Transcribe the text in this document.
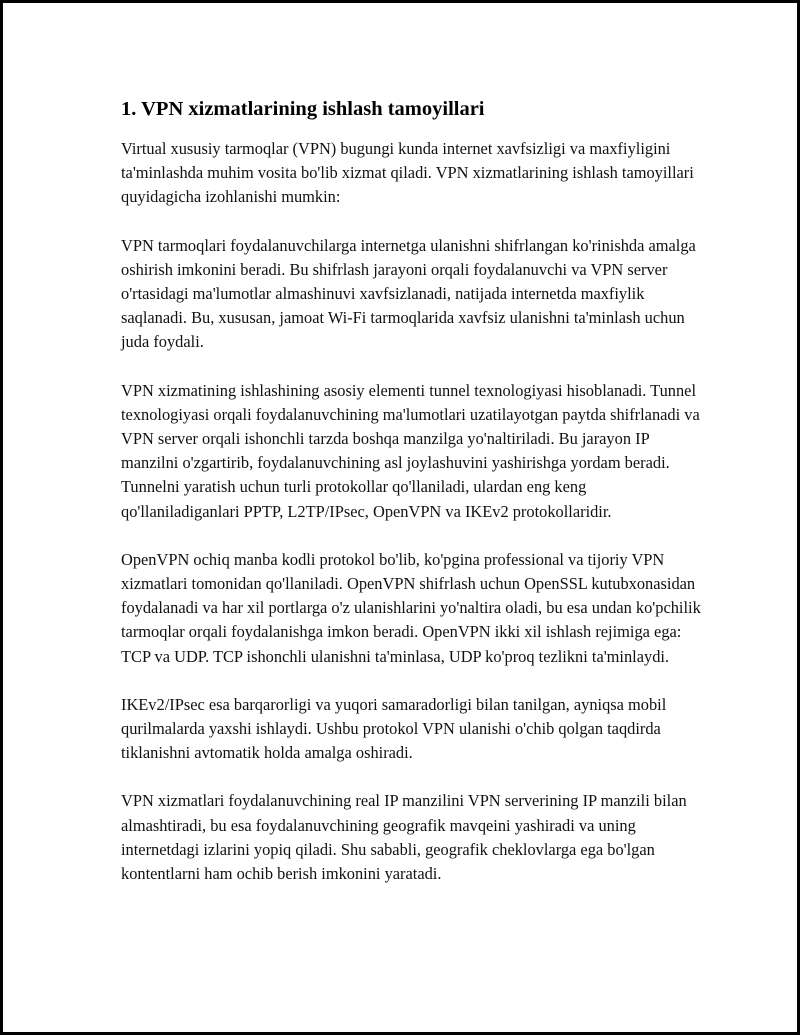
1. VPN xizmatlarining ishlash tamoyillari

Virtual xususiy tarmoqlar (VPN) bugungi kunda internet xavfsizligi va maxfiyligini ta'minlashda muhim vosita bo'lib xizmat qiladi. VPN xizmatlarining ishlash tamoyillari quyidagicha izohlanishi mumkin:

VPN tarmoqlari foydalanuvchilarga internetga ulanishni shifrlangan ko'rinishda amalga oshirish imkonini beradi. Bu shifrlash jarayoni orqali foydalanuvchi va VPN server o'rtasidagi ma'lumotlar almashinuvi xavfsizlanadi, natijada internetda maxfiylik saqlanadi. Bu, xususan, jamoat Wi-Fi tarmoqlarida xavfsiz ulanishni ta'minlash uchun juda foydali.

VPN xizmatining ishlashining asosiy elementi tunnel texnologiyasi hisoblanadi. Tunnel texnologiyasi orqali foydalanuvchining ma'lumotlari uzatilayotgan paytda shifrlanadi va VPN server orqali ishonchli tarzda boshqa manzilga yo'naltiriladi. Bu jarayon IP manzilni o'zgartirib, foydalanuvchining asl joylashuvini yashirishga yordam beradi. Tunnelni yaratish uchun turli protokollar qo'llaniladi, ulardan eng keng qo'llaniladiganlari PPTP, L2TP/IPsec, OpenVPN va IKEv2 protokollaridir.

OpenVPN ochiq manba kodli protokol bo'lib, ko'pgina professional va tijoriy VPN xizmatlari tomonidan qo'llaniladi. OpenVPN shifrlash uchun OpenSSL kutubxonasidan foydalanadi va har xil portlarga o'z ulanishlarini yo'naltira oladi, bu esa undan ko'pchilik tarmoqlar orqali foydalanishga imkon beradi. OpenVPN ikki xil ishlash rejimiga ega: TCP va UDP. TCP ishonchli ulanishni ta'minlasa, UDP ko'proq tezlikni ta'minlaydi.

IKEv2/IPsec esa barqarorligi va yuqori samaradorligi bilan tanilgan, ayniqsa mobil qurilmalarda yaxshi ishlaydi. Ushbu protokol VPN ulanishi o'chib qolgan taqdirda tiklanishni avtomatik holda amalga oshiradi.

VPN xizmatlari foydalanuvchining real IP manzilini VPN serverining IP manzili bilan almashtiradi, bu esa foydalanuvchining geografik mavqeini yashiradi va uning internetdagi izlarini yopiq qiladi. Shu sababli, geografik cheklovlarga ega bo'lgan kontentlarni ham ochib berish imkonini yaratadi.
